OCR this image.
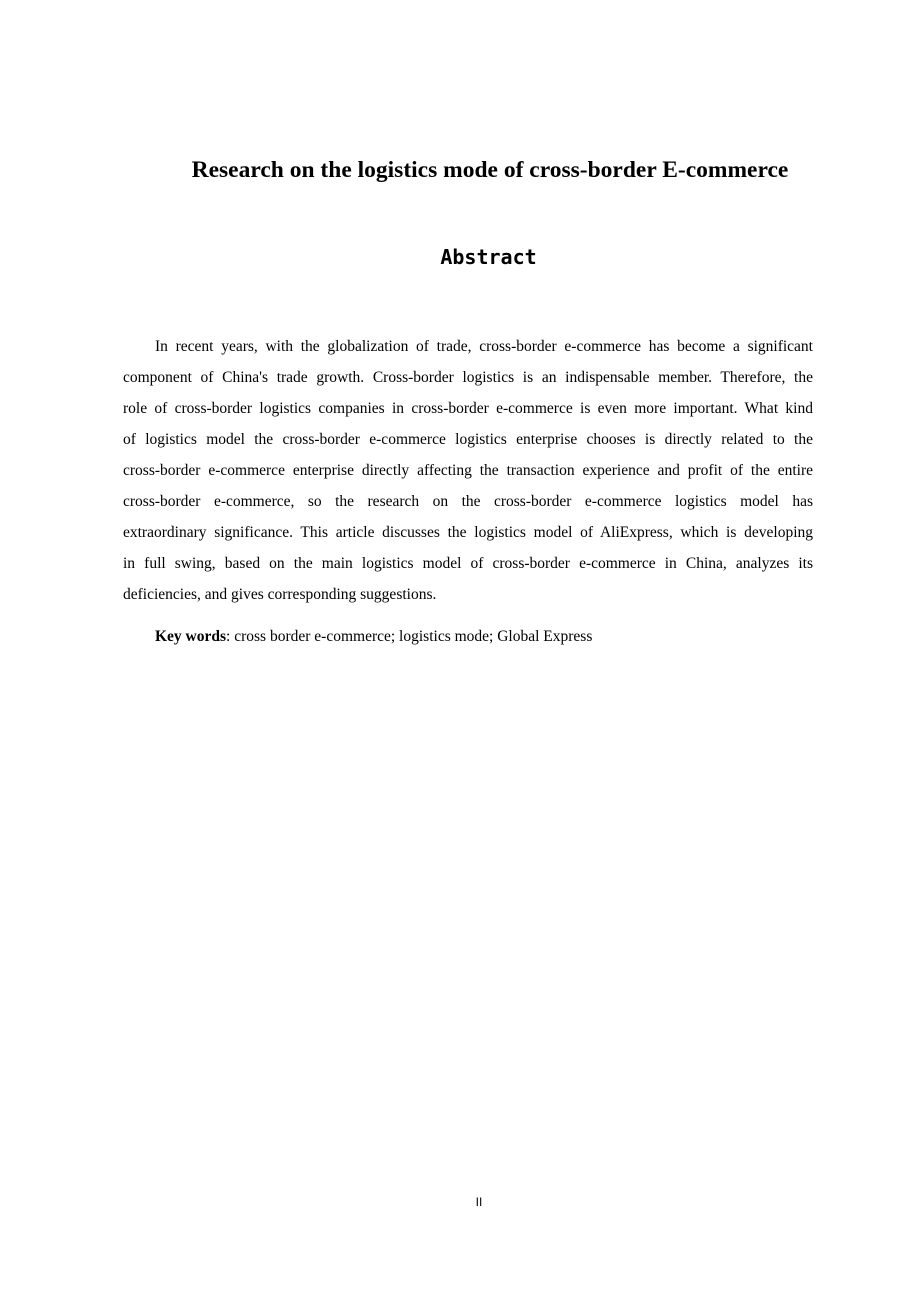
Research on the logistics mode of cross-border E-commerce
Abstract
In recent years, with the globalization of trade, cross-border e-commerce has become a significant
component of China's trade growth. Cross-border logistics is an indispensable member. Therefore, the
role of cross-border logistics companies in cross-border e-commerce is even more important. What kind
of logistics model the cross-border e-commerce logistics enterprise chooses is directly related to the
cross-border e-commerce enterprise directly affecting the transaction experience and profit of the entire
cross-border e-commerce, so the research on the cross-border e-commerce logistics model has
extraordinary significance. This article discusses the logistics model of AliExpress, which is developing
in full swing, based on the main logistics model of cross-border e-commerce in China, analyzes its
deficiencies, and gives corresponding suggestions.

Key words: cross border e-commerce; logistics mode; Global Express

II
